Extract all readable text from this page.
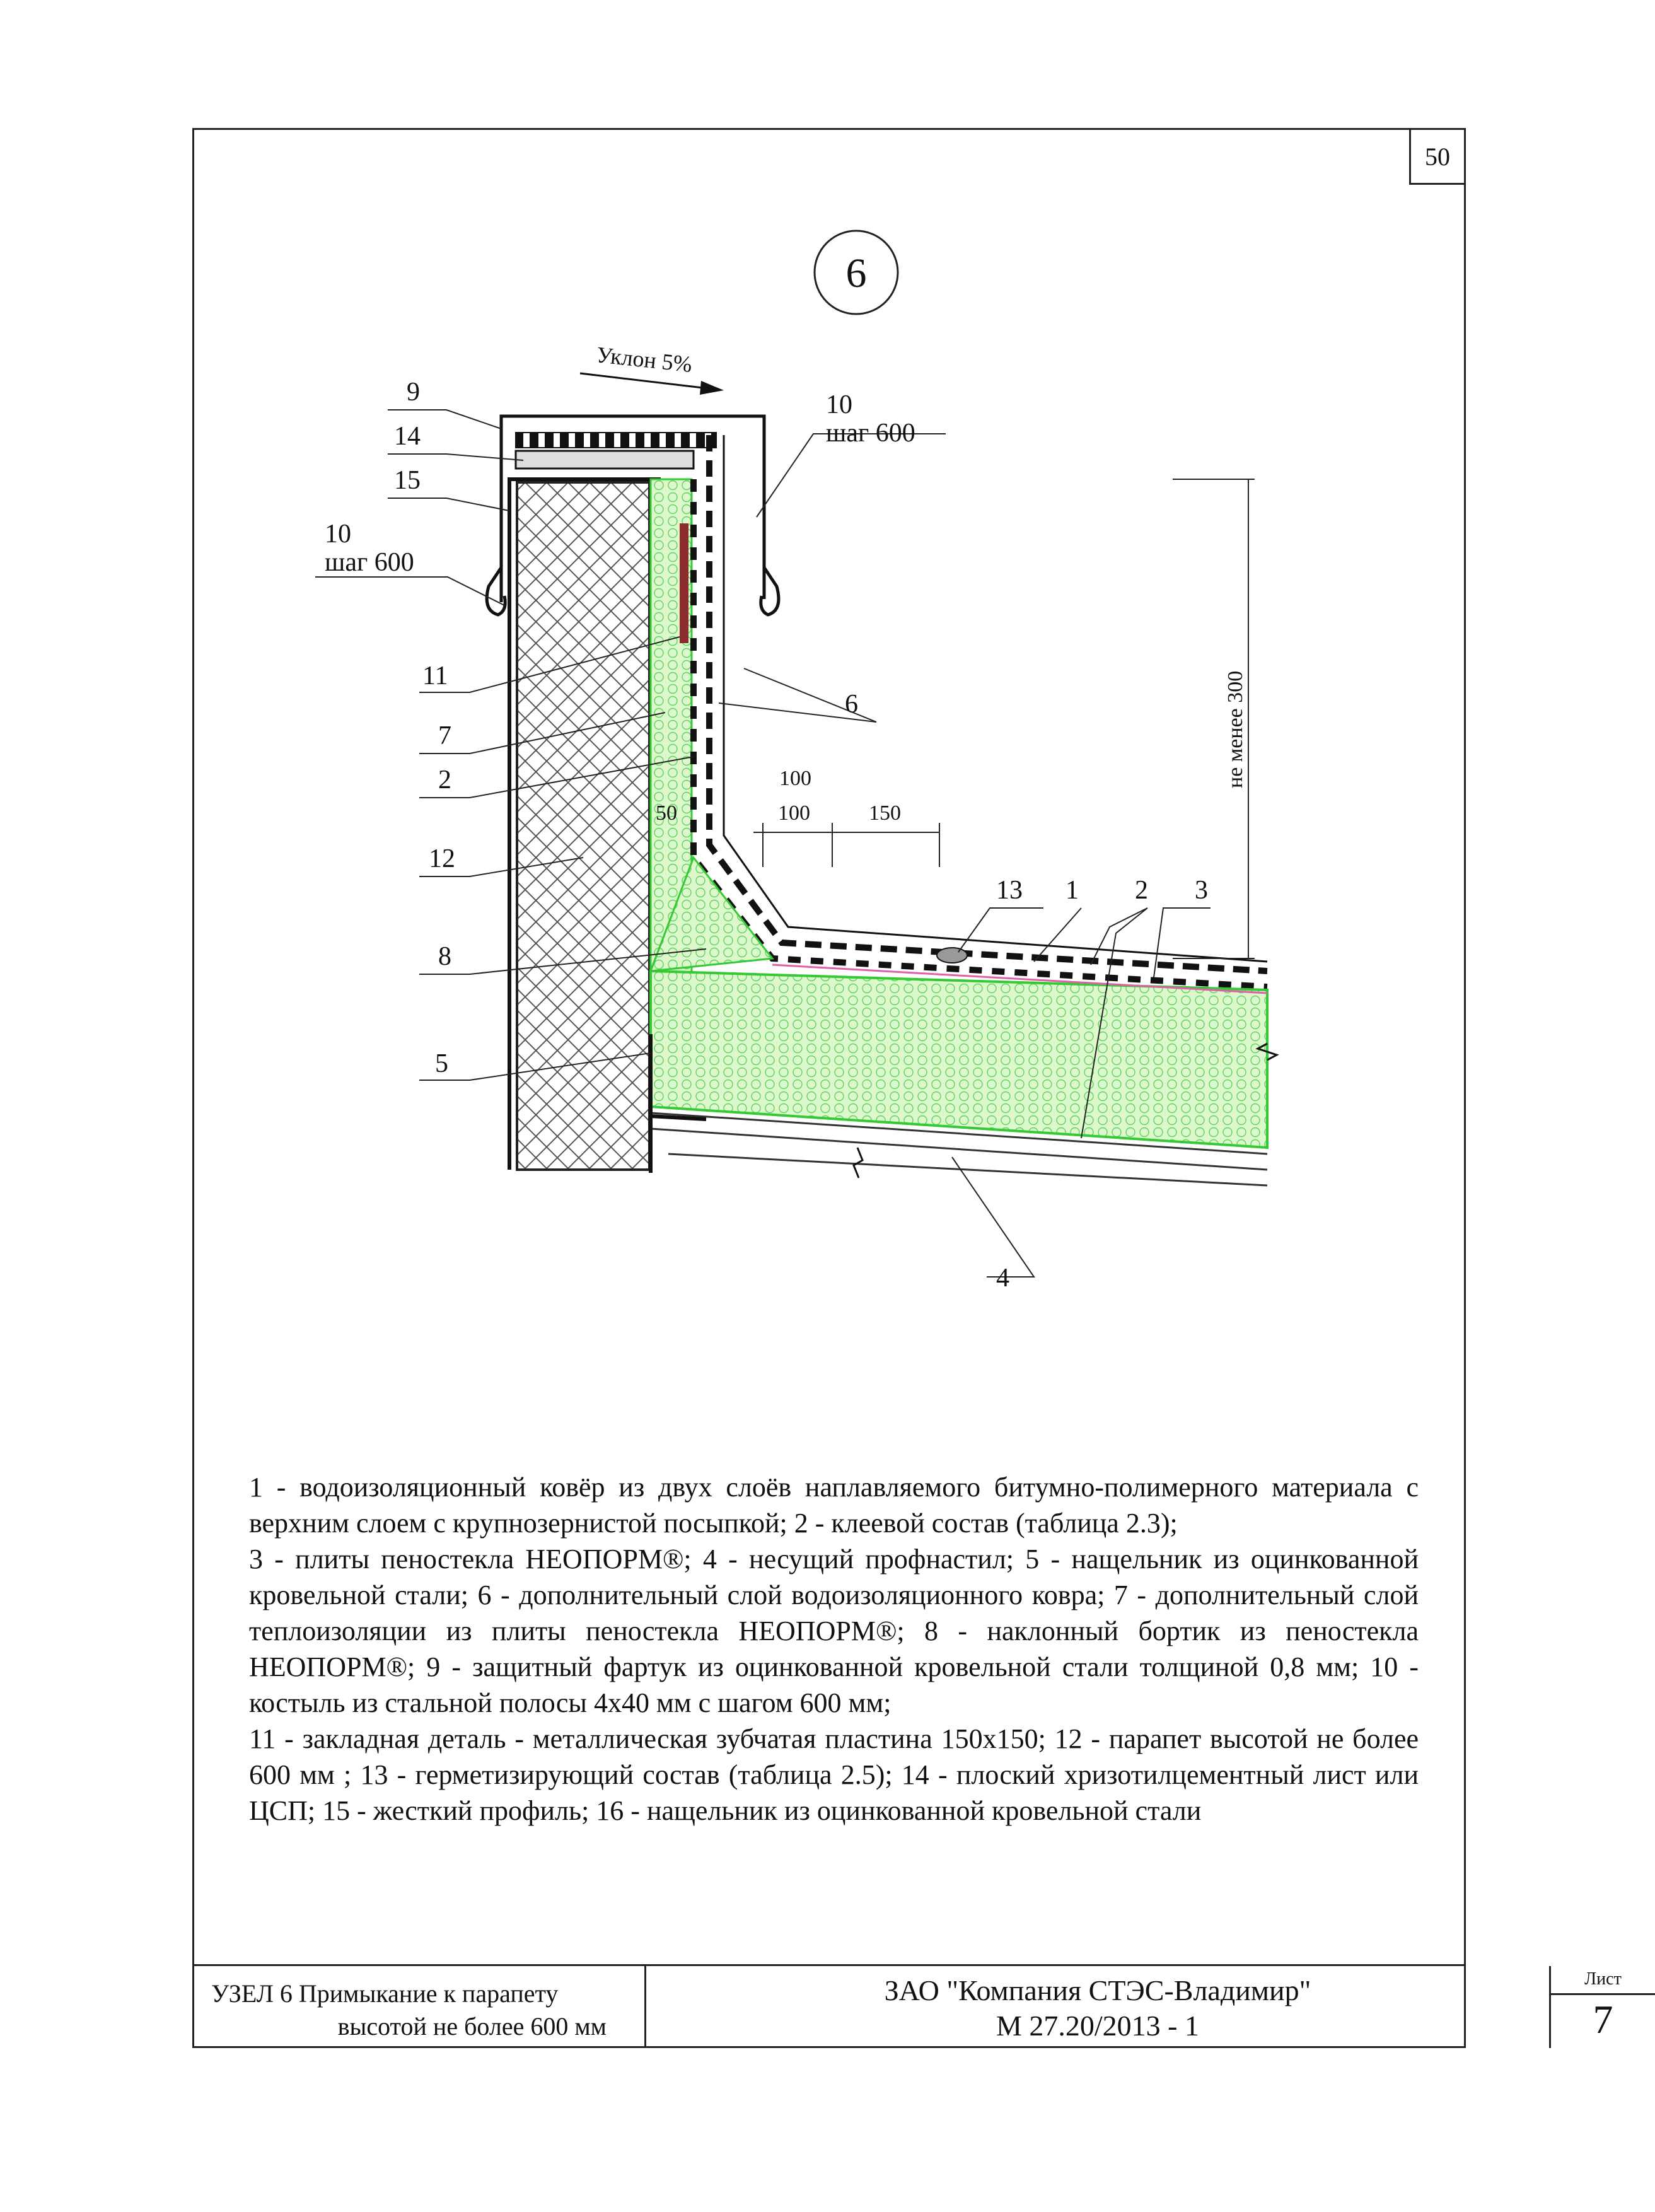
50
6
Уклон 5%
не менее 300
100
50	100	150
9
14
15
10
шаг 600
10
шаг 600
11
7
2
12
8
5
6
13 1 2 3
4

1 - водоизоляционный ковёр из двух слоёв наплавляемого битумно-полимерного материала с верхним слоем с крупнозернистой посыпкой; 2 - клеевой состав (таблица 2.3);

3 - плиты пеностекла НЕОПОРМ®; 4 - несущий профнастил; 5 - нащельник из оцинкованной кровельной стали; 6 - дополнительный слой водоизоляционного ковра; 7 - дополнительный слой теплоизоляции из плиты пеностекла НЕОПОРМ®; 8 - наклонный бортик из пеностекла НЕОПОРМ®; 9 - защитный фартук из оцинкованной кровельной стали толщиной 0,8 мм; 10 - костыль из стальной полосы 4х40 мм с шагом 600 мм;

11 - закладная деталь - металлическая зубчатая пластина 150х150; 12 - парапет высотой не более 600 мм ; 13 - герметизирующий состав (таблица 2.5); 14 - плоский хризотилцементный лист или ЦСП; 15 - жесткий профиль; 16 - нащельник из оцинкованной кровельной стали

УЗЕЛ 6 Примыкание к парапету
высотой не более 600 мм
ЗАО "Компания СТЭС-Владимир"
М 27.20/2013 - 1
Лист
7
